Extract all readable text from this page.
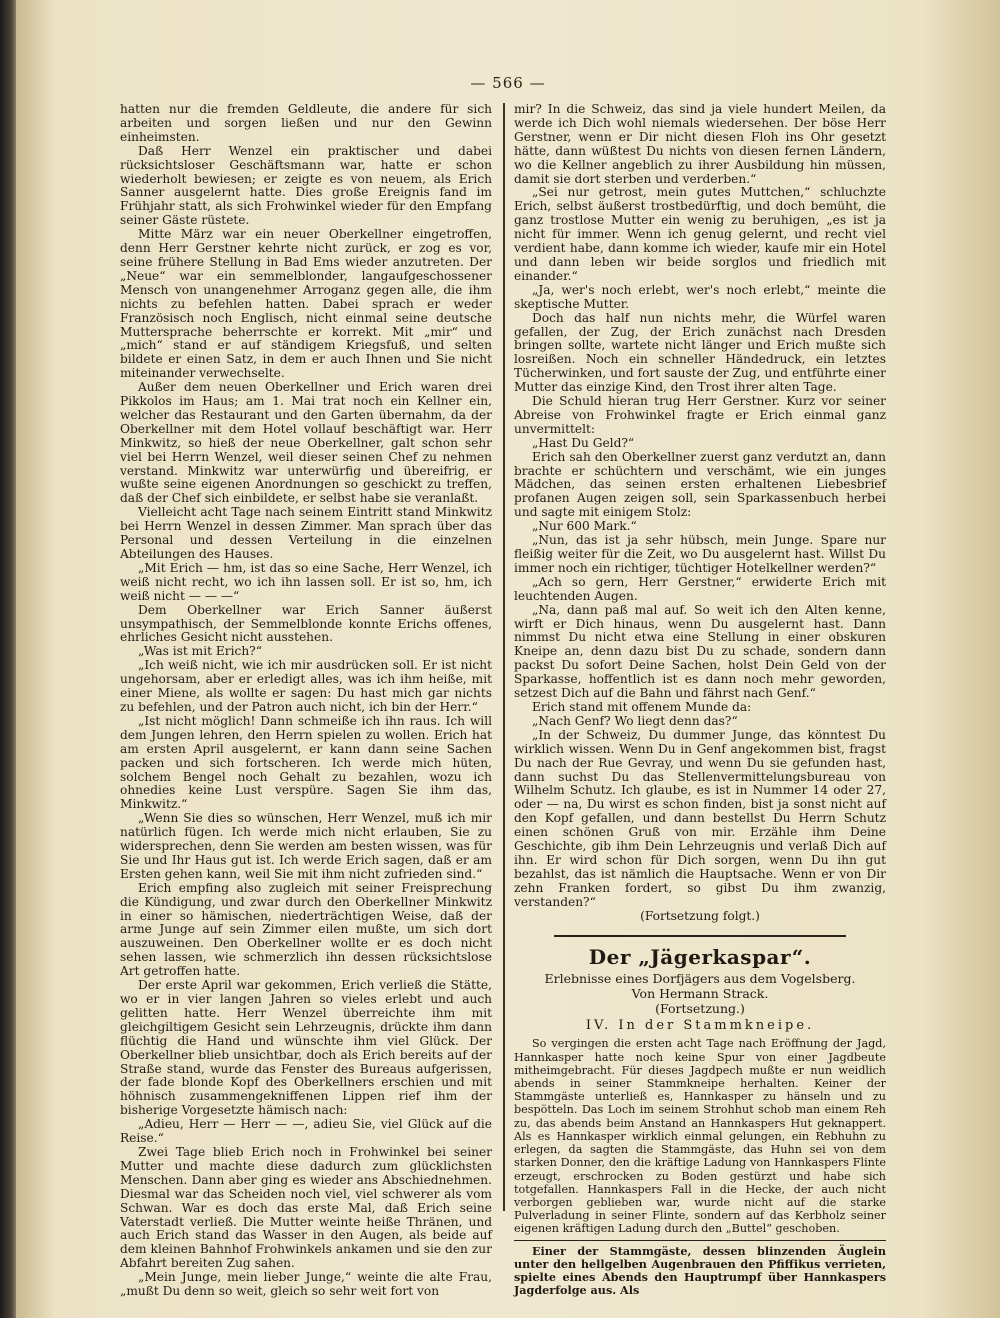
— 566 —

hatten nur die fremden Geldleute, die andere für sich arbeiten und sorgen ließen und nur den Gewinn einheimsten.

Daß Herr Wenzel ein praktischer und dabei rücksichtsloser Geschäftsmann war, hatte er schon wiederholt bewiesen; er zeigte es von neuem, als Erich Sanner ausgelernt hatte. Dies große Ereignis fand im Frühjahr statt, als sich Frohwinkel wieder für den Empfang seiner Gäste rüstete.

Mitte März war ein neuer Oberkellner eingetroffen, denn Herr Gerstner kehrte nicht zurück, er zog es vor, seine frühere Stellung in Bad Ems wieder anzutreten. Der „Neue“ war ein semmelblonder, langaufgeschossener Mensch von unangenehmer Arroganz gegen alle, die ihm nichts zu befehlen hatten. Dabei sprach er weder Französisch noch Englisch, nicht einmal seine deutsche Muttersprache beherrschte er korrekt. Mit „mir“ und „mich“ stand er auf ständigem Kriegsfuß, und selten bildete er einen Satz, in dem er auch Ihnen und Sie nicht miteinander verwechselte.

Außer dem neuen Oberkellner und Erich waren drei Pikkolos im Haus; am 1. Mai trat noch ein Kellner ein, welcher das Restaurant und den Garten übernahm, da der Oberkellner mit dem Hotel vollauf beschäftigt war. Herr Minkwitz, so hieß der neue Oberkellner, galt schon sehr viel bei Herrn Wenzel, weil dieser seinen Chef zu nehmen verstand. Minkwitz war unterwürfig und übereifrig, er wußte seine eigenen Anordnungen so geschickt zu treffen, daß der Chef sich einbildete, er selbst habe sie veranlaßt.

Vielleicht acht Tage nach seinem Eintritt stand Minkwitz bei Herrn Wenzel in dessen Zimmer. Man sprach über das Personal und dessen Verteilung in die einzelnen Abteilungen des Hauses.

„Mit Erich — hm, ist das so eine Sache, Herr Wenzel, ich weiß nicht recht, wo ich ihn lassen soll. Er ist so, hm, ich weiß nicht — — —“

Dem Oberkellner war Erich Sanner äußerst unsympathisch, der Semmelblonde konnte Erichs offenes, ehrliches Gesicht nicht ausstehen.

„Was ist mit Erich?“

„Ich weiß nicht, wie ich mir ausdrücken soll. Er ist nicht ungehorsam, aber er erledigt alles, was ich ihm heiße, mit einer Miene, als wollte er sagen: Du hast mich gar nichts zu befehlen, und der Patron auch nicht, ich bin der Herr.“

„Ist nicht möglich! Dann schmeiße ich ihn raus. Ich will dem Jungen lehren, den Herrn spielen zu wollen. Erich hat am ersten April ausgelernt, er kann dann seine Sachen packen und sich fortscheren. Ich werde mich hüten, solchem Bengel noch Gehalt zu bezahlen, wozu ich ohnedies keine Lust verspüre. Sagen Sie ihm das, Minkwitz.“

„Wenn Sie dies so wünschen, Herr Wenzel, muß ich mir natürlich fügen. Ich werde mich nicht erlauben, Sie zu widersprechen, denn Sie werden am besten wissen, was für Sie und Ihr Haus gut ist. Ich werde Erich sagen, daß er am Ersten gehen kann, weil Sie mit ihm nicht zufrieden sind.“

Erich empfing also zugleich mit seiner Freisprechung die Kündigung, und zwar durch den Oberkellner Minkwitz in einer so hämischen, niederträchtigen Weise, daß der arme Junge auf sein Zimmer eilen mußte, um sich dort auszuweinen. Den Oberkellner wollte er es doch nicht sehen lassen, wie schmerzlich ihn dessen rücksichtslose Art getroffen hatte.

Der erste April war gekommen, Erich verließ die Stätte, wo er in vier langen Jahren so vieles erlebt und auch gelitten hatte. Herr Wenzel überreichte ihm mit gleichgiltigem Gesicht sein Lehrzeugnis, drückte ihm dann flüchtig die Hand und wünschte ihm viel Glück. Der Oberkellner blieb unsichtbar, doch als Erich bereits auf der Straße stand, wurde das Fenster des Bureaus aufgerissen, der fade blonde Kopf des Oberkellners erschien und mit höhnisch zusammengekniffenen Lippen rief ihm der bisherige Vorgesetzte hämisch nach:

„Adieu, Herr — Herr — —, adieu Sie, viel Glück auf die Reise.“

Zwei Tage blieb Erich noch in Frohwinkel bei seiner Mutter und machte diese dadurch zum glücklichsten Menschen. Dann aber ging es wieder ans Abschiednehmen. Diesmal war das Scheiden noch viel, viel schwerer als vom Schwan. War es doch das erste Mal, daß Erich seine Vaterstadt verließ. Die Mutter weinte heiße Thränen, und auch Erich stand das Wasser in den Augen, als beide auf dem kleinen Bahnhof Frohwinkels ankamen und sie den zur Abfahrt bereiten Zug sahen.

„Mein Junge, mein lieber Junge,“ weinte die alte Frau, „mußt Du denn so weit, gleich so sehr weit fort von

mir? In die Schweiz, das sind ja viele hundert Meilen, da werde ich Dich wohl niemals wiedersehen. Der böse Herr Gerstner, wenn er Dir nicht diesen Floh ins Ohr gesetzt hätte, dann wüßtest Du nichts von diesen fernen Ländern, wo die Kellner angeblich zu ihrer Ausbildung hin müssen, damit sie dort sterben und verderben.“

„Sei nur getrost, mein gutes Muttchen,“ schluchzte Erich, selbst äußerst trostbedürftig, und doch bemüht, die ganz trostlose Mutter ein wenig zu beruhigen, „es ist ja nicht für immer. Wenn ich genug gelernt, und recht viel verdient habe, dann komme ich wieder, kaufe mir ein Hotel und dann leben wir beide sorglos und friedlich mit einander.“

„Ja, wer's noch erlebt, wer's noch erlebt,“ meinte die skeptische Mutter.

Doch das half nun nichts mehr, die Würfel waren gefallen, der Zug, der Erich zunächst nach Dresden bringen sollte, wartete nicht länger und Erich mußte sich losreißen. Noch ein schneller Händedruck, ein letztes Tücherwinken, und fort sauste der Zug, und entführte einer Mutter das einzige Kind, den Trost ihrer alten Tage.

Die Schuld hieran trug Herr Gerstner. Kurz vor seiner Abreise von Frohwinkel fragte er Erich einmal ganz unvermittelt:

„Hast Du Geld?“

Erich sah den Oberkellner zuerst ganz verdutzt an, dann brachte er schüchtern und verschämt, wie ein junges Mädchen, das seinen ersten erhaltenen Liebesbrief profanen Augen zeigen soll, sein Sparkassenbuch herbei und sagte mit einigem Stolz:

„Nur 600 Mark.“

„Nun, das ist ja sehr hübsch, mein Junge. Spare nur fleißig weiter für die Zeit, wo Du ausgelernt hast. Willst Du immer noch ein richtiger, tüchtiger Hotelkellner werden?“

„Ach so gern, Herr Gerstner,“ erwiderte Erich mit leuchtenden Augen.

„Na, dann paß mal auf. So weit ich den Alten kenne, wirft er Dich hinaus, wenn Du ausgelernt hast. Dann nimmst Du nicht etwa eine Stellung in einer obskuren Kneipe an, denn dazu bist Du zu schade, sondern dann packst Du sofort Deine Sachen, holst Dein Geld von der Sparkasse, hoffentlich ist es dann noch mehr geworden, setzest Dich auf die Bahn und fährst nach Genf.“

Erich stand mit offenem Munde da:

„Nach Genf? Wo liegt denn das?“

„In der Schweiz, Du dummer Junge, das könntest Du wirklich wissen. Wenn Du in Genf angekommen bist, fragst Du nach der Rue Gevray, und wenn Du sie gefunden hast, dann suchst Du das Stellenvermittelungsbureau von Wilhelm Schutz. Ich glaube, es ist in Nummer 14 oder 27, oder — na, Du wirst es schon finden, bist ja sonst nicht auf den Kopf gefallen, und dann bestellst Du Herrn Schutz einen schönen Gruß von mir. Erzähle ihm Deine Geschichte, gib ihm Dein Lehrzeugnis und verlaß Dich auf ihn. Er wird schon für Dich sorgen, wenn Du ihn gut bezahlst, das ist nämlich die Hauptsache. Wenn er von Dir zehn Franken fordert, so gibst Du ihm zwanzig, verstanden?“

(Fortsetzung folgt.)

Der „Jägerkaspar“.
Erlebnisse eines Dorfjägers aus dem Vogelsberg.
Von Hermann Strack.
(Fortsetzung.)
IV. In der Stammkneipe.

So vergingen die ersten acht Tage nach Eröffnung der Jagd, Hannkasper hatte noch keine Spur von einer Jagdbeute mitheimgebracht. Für dieses Jagdpech mußte er nun weidlich abends in seiner Stammkneipe herhalten. Keiner der Stammgäste unterließ es, Hannkasper zu hänseln und zu bespötteln. Das Loch im seinem Strohhut schob man einem Reh zu, das abends beim Anstand an Hannkaspers Hut geknappert. Als es Hannkasper wirklich einmal gelungen, ein Rebhuhn zu erlegen, da sagten die Stammgäste, das Huhn sei von dem starken Donner, den die kräftige Ladung von Hannkaspers Flinte erzeugt, erschrocken zu Boden gestürzt und habe sich totgefallen. Hannkaspers Fall in die Hecke, der auch nicht verborgen geblieben war, wurde nicht auf die starke Pulverladung in seiner Flinte, sondern auf das Kerbholz seiner eigenen kräftigen Ladung durch den „Buttel“ geschoben.

Einer der Stammgäste, dessen blinzenden Äuglein unter den hellgelben Augenbrauen den Pfiffikus verrieten, spielte eines Abends den Hauptrumpf über Hannkaspers Jagderfolge aus. Als
